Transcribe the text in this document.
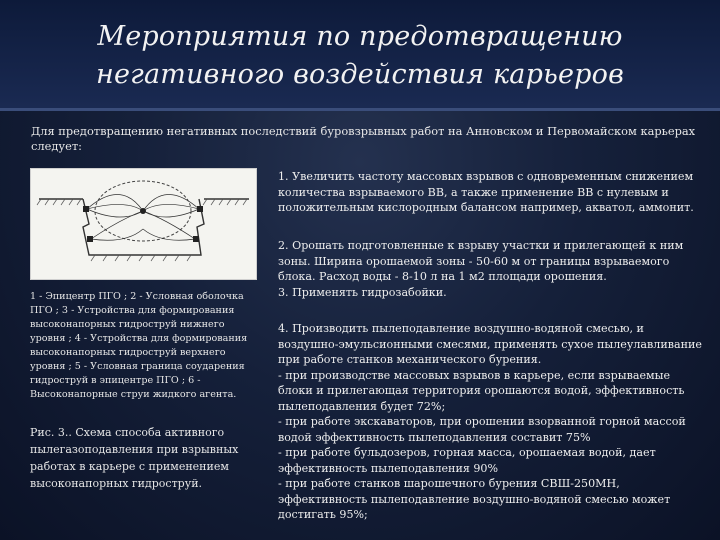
Мероприятия по предотвращению негативного воздействия карьеров
Для предотвращению негативных последствий буровзрывных работ на Анновском и Первомайском карьерах следует:
1 - Эпицентр ПГО ; 2 - Условная оболочка ПГО ; 3 - Устройства для формирования высоконапорных гидроструй нижнего уровня ; 4 - Устройства для формирования высоконапорных гидроструй верхнего уровня ; 5 - Условная граница соударения гидроструй в эпицентре ПГО ; 6 - Высоконапорные струи жидкого агента.
Рис. 3.. Схема способа активного пылегазоподавления при взрывных работах в карьере с применением высоконапорных гидроструй.
1. Увеличить частоту массовых взрывов с одновременным снижением количества взрываемого ВВ, а также применение ВВ с нулевым и положительным кислородным балансом например, акватол, аммонит.
2. Орошать подготовленные к взрыву участки и прилегающей к ним зоны. Ширина орошаемой зоны - 50-60 м от границы взрываемого блока. Расход воды - 8-10 л на 1 м2 площади орошения.
3. Применять гидрозабойки.
4. Производить пылеподавление воздушно-водяной смесью, и воздушно-эмульсионными смесями, применять сухое пылеулавливание при работе станков механического бурения.
- при производстве массовых взрывов в карьере, если взрываемые блоки и прилегающая территория орошаются водой, эффективность пылеподавления будет 72%;
- при работе экскаваторов, при орошении взорванной горной массой водой эффективность пылеподавления составит 75%
- при работе бульдозеров, горная масса, орошаемая водой, дает эффективность пылеподавления 90%
- при работе станков шарошечного бурения СВШ-250МН, эффективность пылеподавление воздушно-водяной смесью может достигать 95%;
